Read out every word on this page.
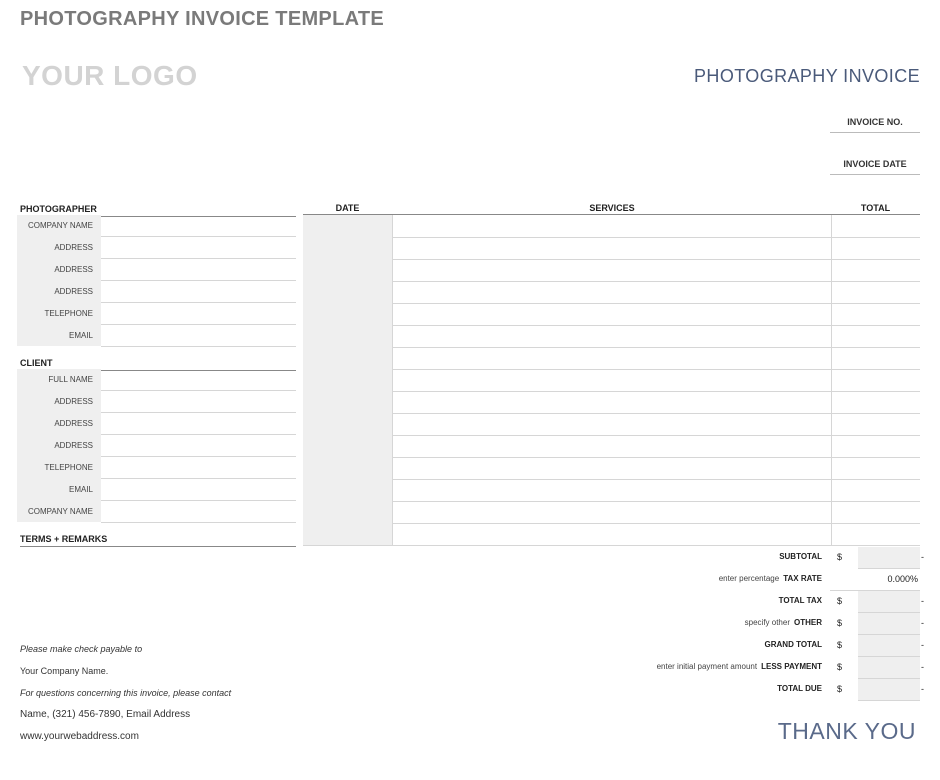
PHOTOGRAPHY INVOICE TEMPLATE
YOUR LOGO	PHOTOGRAPHY INVOICE
INVOICE NO.
INVOICE DATE
PHOTOGRAPHER
COMPANY NAME
ADDRESS
ADDRESS
ADDRESS
TELEPHONE
EMAIL
CLIENT
FULL NAME
ADDRESS
ADDRESS
ADDRESS
TELEPHONE
EMAIL
COMPANY NAME
TERMS + REMARKS
DATE	SERVICES	TOTAL
SUBTOTAL $	-
enter percentage TAX RATE	0.000%
TOTAL TAX $	-
specify other OTHER $	-
GRAND TOTAL $	-
enter initial payment amount LESS PAYMENT $	-
TOTAL DUE $	-
Please make check payable to
Your Company Name.
For questions concerning this invoice, please contact
Name, (321) 456-7890, Email Address
www.yourwebaddress.com	THANK YOU
